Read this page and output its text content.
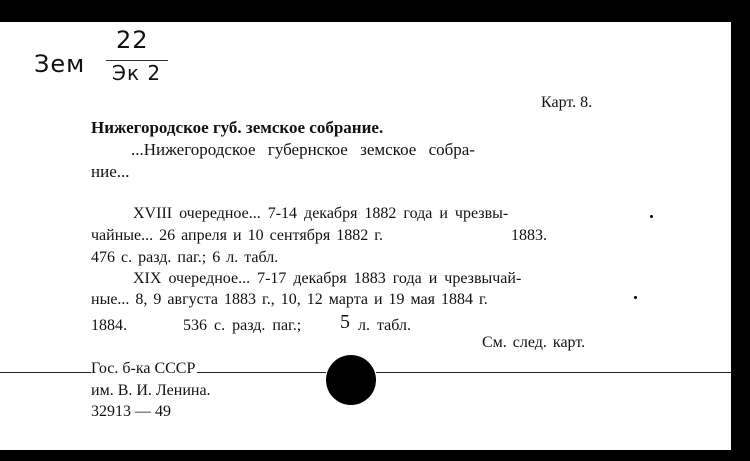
Зем
22
Эк 2
Карт. 8.
Нижегородское губ. земское собрание.
...Нижегородское губернское земское собра-
ние...
XVIII очередное... 7-14 декабря 1882 года и чрезвы-
чайные... 26 апреля и 10 сентября 1882 г.	1883.
476 с. разд. паг.; 6 л. табл.
XIX очередное... 7-17 декабря 1883 года и чрезвычай-
ные... 8, 9 августа 1883 г., 10, 12 марта и 19 мая 1884 г.
1884.	536 с. разд. паг.; 5 л. табл.
См. след. карт.
Гос. б-ка СССР
им. В. И. Ленина.
32913 — 49
